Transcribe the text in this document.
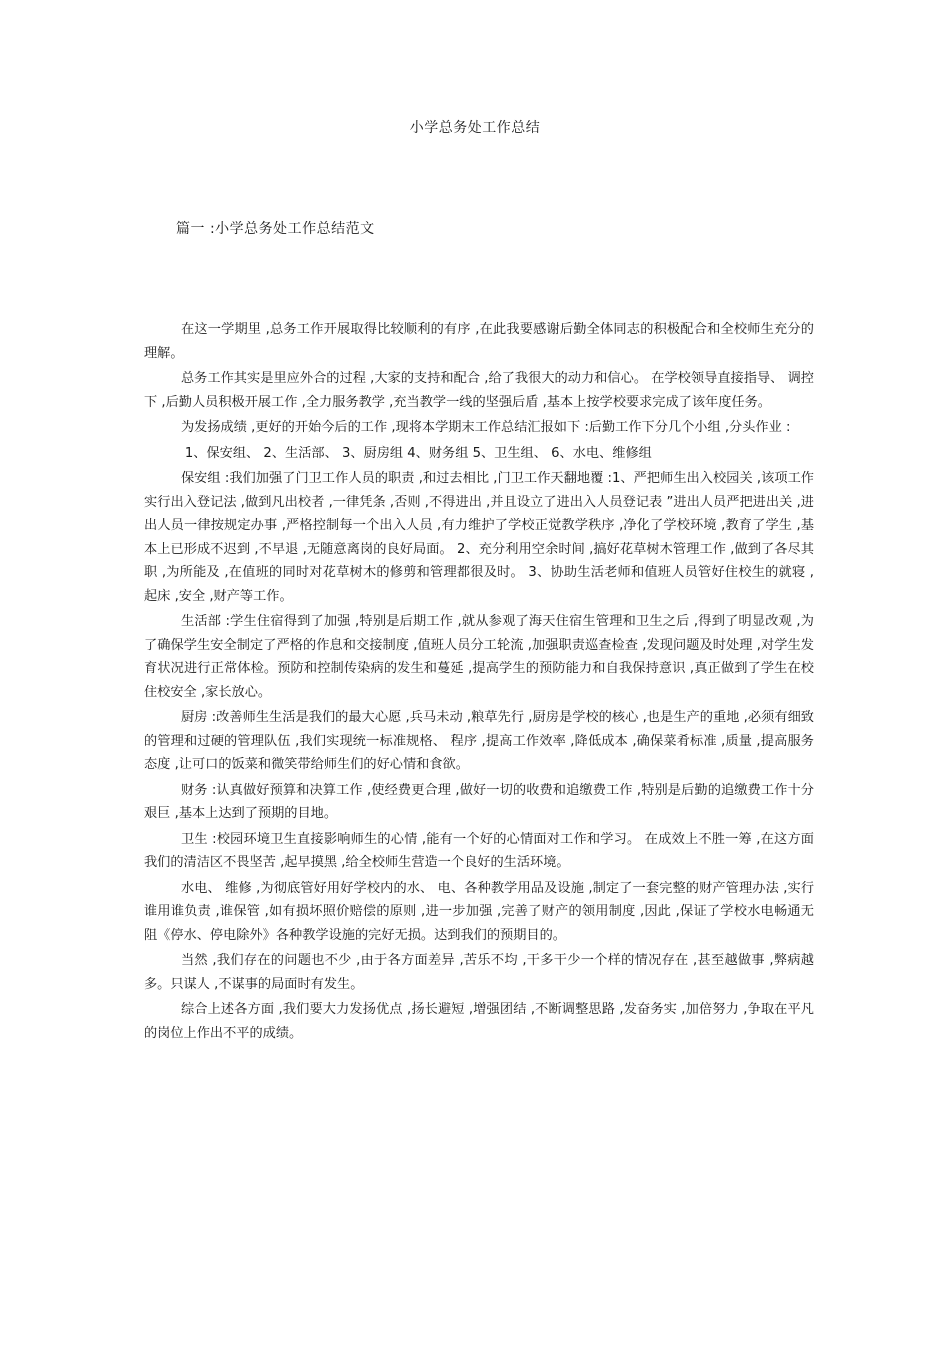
小学总务处工作总结
篇一 :小学总务处工作总结范文

在这一学期里 ,总务工作开展取得比较顺利的有序 ,在此我要感谢后勤全体同志的积极配合和全校师生充分的理解。

总务工作其实是里应外合的过程 ,大家的支持和配合 ,给了我很大的动力和信心。 在学校领导直接指导、 调控下 ,后勤人员积极开展工作 ,全力服务教学 ,充当教学一线的坚强后盾 ,基本上按学校要求完成了该年度任务。

为发扬成绩 ,更好的开始今后的工作 ,现将本学期末工作总结汇报如下 :后勤工作下分几个小组 ,分头作业 :

1、保安组、 2、生活部、 3、厨房组 4、财务组 5、卫生组、 6、水电、维修组

保安组 :我们加强了门卫工作人员的职责 ,和过去相比 ,门卫工作天翻地覆 :1、严把师生出入校园关 ,该项工作实行出入登记法 ,做到凡出校者 ,一律凭条 ,否则 ,不得进出 ,并且设立了进出入人员登记表 ”进出人员严把进出关 ,进出人员一律按规定办事 ,严格控制每一个出入人员 ,有力维护了学校正觉教学秩序 ,净化了学校环境 ,教育了学生 ,基本上已形成不迟到 ,不早退 ,无随意离岗的良好局面。 2、充分利用空余时间 ,搞好花草树木管理工作 ,做到了各尽其职 ,为所能及 ,在值班的同时对花草树木的修剪和管理都很及时。 3、协助生活老师和值班人员管好住校生的就寝 ,起床 ,安全 ,财产等工作。

生活部 :学生住宿得到了加强 ,特别是后期工作 ,就从参观了海天住宿生管理和卫生之后 ,得到了明显改观 ,为了确保学生安全制定了严格的作息和交接制度 ,值班人员分工轮流 ,加强职责巡查检查 ,发现问题及时处理 ,对学生发育状况进行正常体检。预防和控制传染病的发生和蔓延 ,提高学生的预防能力和自我保持意识 ,真正做到了学生在校住校安全 ,家长放心。

厨房 :改善师生生活是我们的最大心愿 ,兵马未动 ,粮草先行 ,厨房是学校的核心 ,也是生产的重地 ,必须有细致的管理和过硬的管理队伍 ,我们实现统一标准规格、 程序 ,提高工作效率 ,降低成本 ,确保菜肴标准 ,质量 ,提高服务态度 ,让可口的饭菜和微笑带给师生们的好心情和食欲。

财务 :认真做好预算和决算工作 ,使经费更合理 ,做好一切的收费和追缴费工作 ,特别是后勤的追缴费工作十分艰巨 ,基本上达到了预期的目地。

卫生 :校园环境卫生直接影响师生的心情 ,能有一个好的心情面对工作和学习。 在成效上不胜一筹 ,在这方面我们的清洁区不畏坚苦 ,起早摸黑 ,给全校师生营造一个良好的生活环境。

水电、 维修 ,为彻底管好用好学校内的水、 电、各种教学用品及设施 ,制定了一套完整的财产管理办法 ,实行谁用谁负责 ,谁保管 ,如有损坏照价赔偿的原则 ,进一步加强 ,完善了财产的领用制度 ,因此 ,保证了学校水电畅通无阻《停水、停电除外》各种教学设施的完好无损。达到我们的预期目的。

当然 ,我们存在的问题也不少 ,由于各方面差异 ,苦乐不均 ,干多干少一个样的情况存在 ,甚至越做事 ,弊病越多。只谋人 ,不谋事的局面时有发生。

综合上述各方面 ,我们要大力发扬优点 ,扬长避短 ,增强团结 ,不断调整思路 ,发奋务实 ,加倍努力 ,争取在平凡的岗位上作出不平的成绩。
